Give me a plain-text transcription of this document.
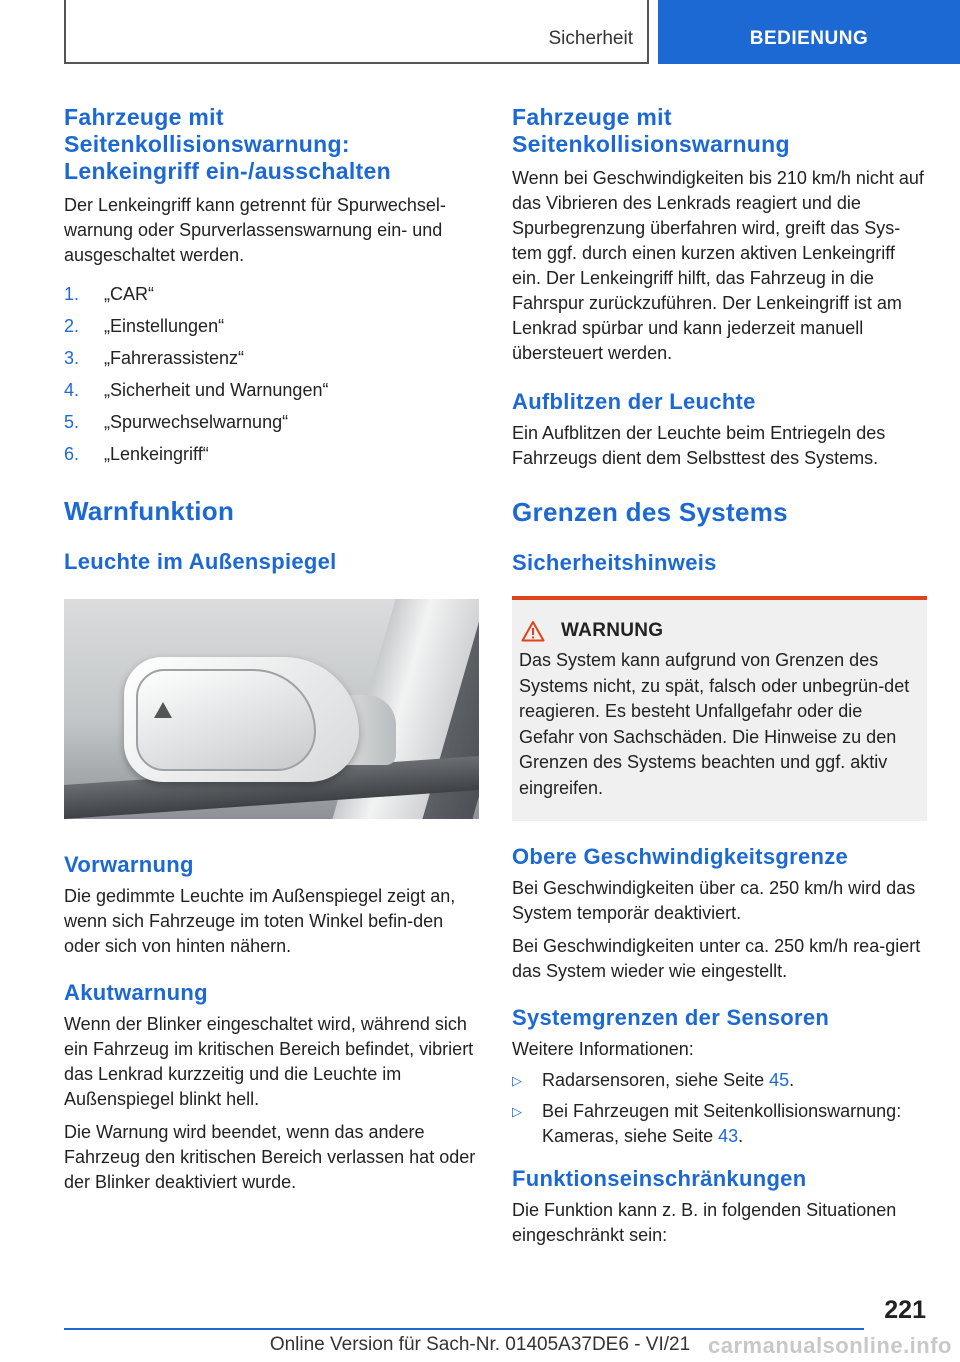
Sicherheit	BEDIENUNG
Fahrzeuge mit Seitenkollisionswarnung: Lenkeingriff ein-/ausschalten

Der Lenkeingriff kann getrennt für Spurwechsel-warnung oder Spurverlassenswarnung ein- und ausgeschaltet werden.

1.	„CAR“
2.	„Einstellungen“
3.	„Fahrerassistenz“
4.	„Sicherheit und Warnungen“
5.	„Spurwechselwarnung“
6.	„Lenkeingriff“
Warnfunktion
Leuchte im Außenspiegel
Vorwarnung

Die gedimmte Leuchte im Außenspiegel zeigt an, wenn sich Fahrzeuge im toten Winkel befin-den oder sich von hinten nähern.

Akutwarnung

Wenn der Blinker eingeschaltet wird, während sich ein Fahrzeug im kritischen Bereich befindet, vibriert das Lenkrad kurzzeitig und die Leuchte im Außenspiegel blinkt hell.

Die Warnung wird beendet, wenn das andere Fahrzeug den kritischen Bereich verlassen hat oder der Blinker deaktiviert wurde.

Fahrzeuge mit Seitenkollisionswarnung

Wenn bei Geschwindigkeiten bis 210 km/h nicht auf das Vibrieren des Lenkrads reagiert und die Spurbegrenzung überfahren wird, greift das Sys-tem ggf. durch einen kurzen aktiven Lenkeingriff ein. Der Lenkeingriff hilft, das Fahrzeug in die Fahrspur zurückzuführen. Der Lenkeingriff ist am Lenkrad spürbar und kann jederzeit manuell übersteuert werden.

Aufblitzen der Leuchte

Ein Aufblitzen der Leuchte beim Entriegeln des Fahrzeugs dient dem Selbsttest des Systems.

Grenzen des Systems
Sicherheitshinweis
WARNUNG

Das System kann aufgrund von Grenzen des Systems nicht, zu spät, falsch oder unbegrün-det reagieren. Es besteht Unfallgefahr oder die Gefahr von Sachschäden. Die Hinweise zu den Grenzen des Systems beachten und ggf. aktiv eingreifen.

Obere Geschwindigkeitsgrenze

Bei Geschwindigkeiten über ca. 250 km/h wird das System temporär deaktiviert.

Bei Geschwindigkeiten unter ca. 250 km/h rea-giert das System wieder wie eingestellt.

Systemgrenzen der Sensoren

Weitere Informationen:

▷	Radarsensoren, siehe Seite 45.
▷	Bei Fahrzeugen mit Seitenkollisionswarnung: Kameras, siehe Seite 43.
Funktionseinschränkungen

Die Funktion kann z. B. in folgenden Situationen eingeschränkt sein:

221
Online Version für Sach-Nr. 01405A37DE6 - VI/21 carmanualsonline.info
